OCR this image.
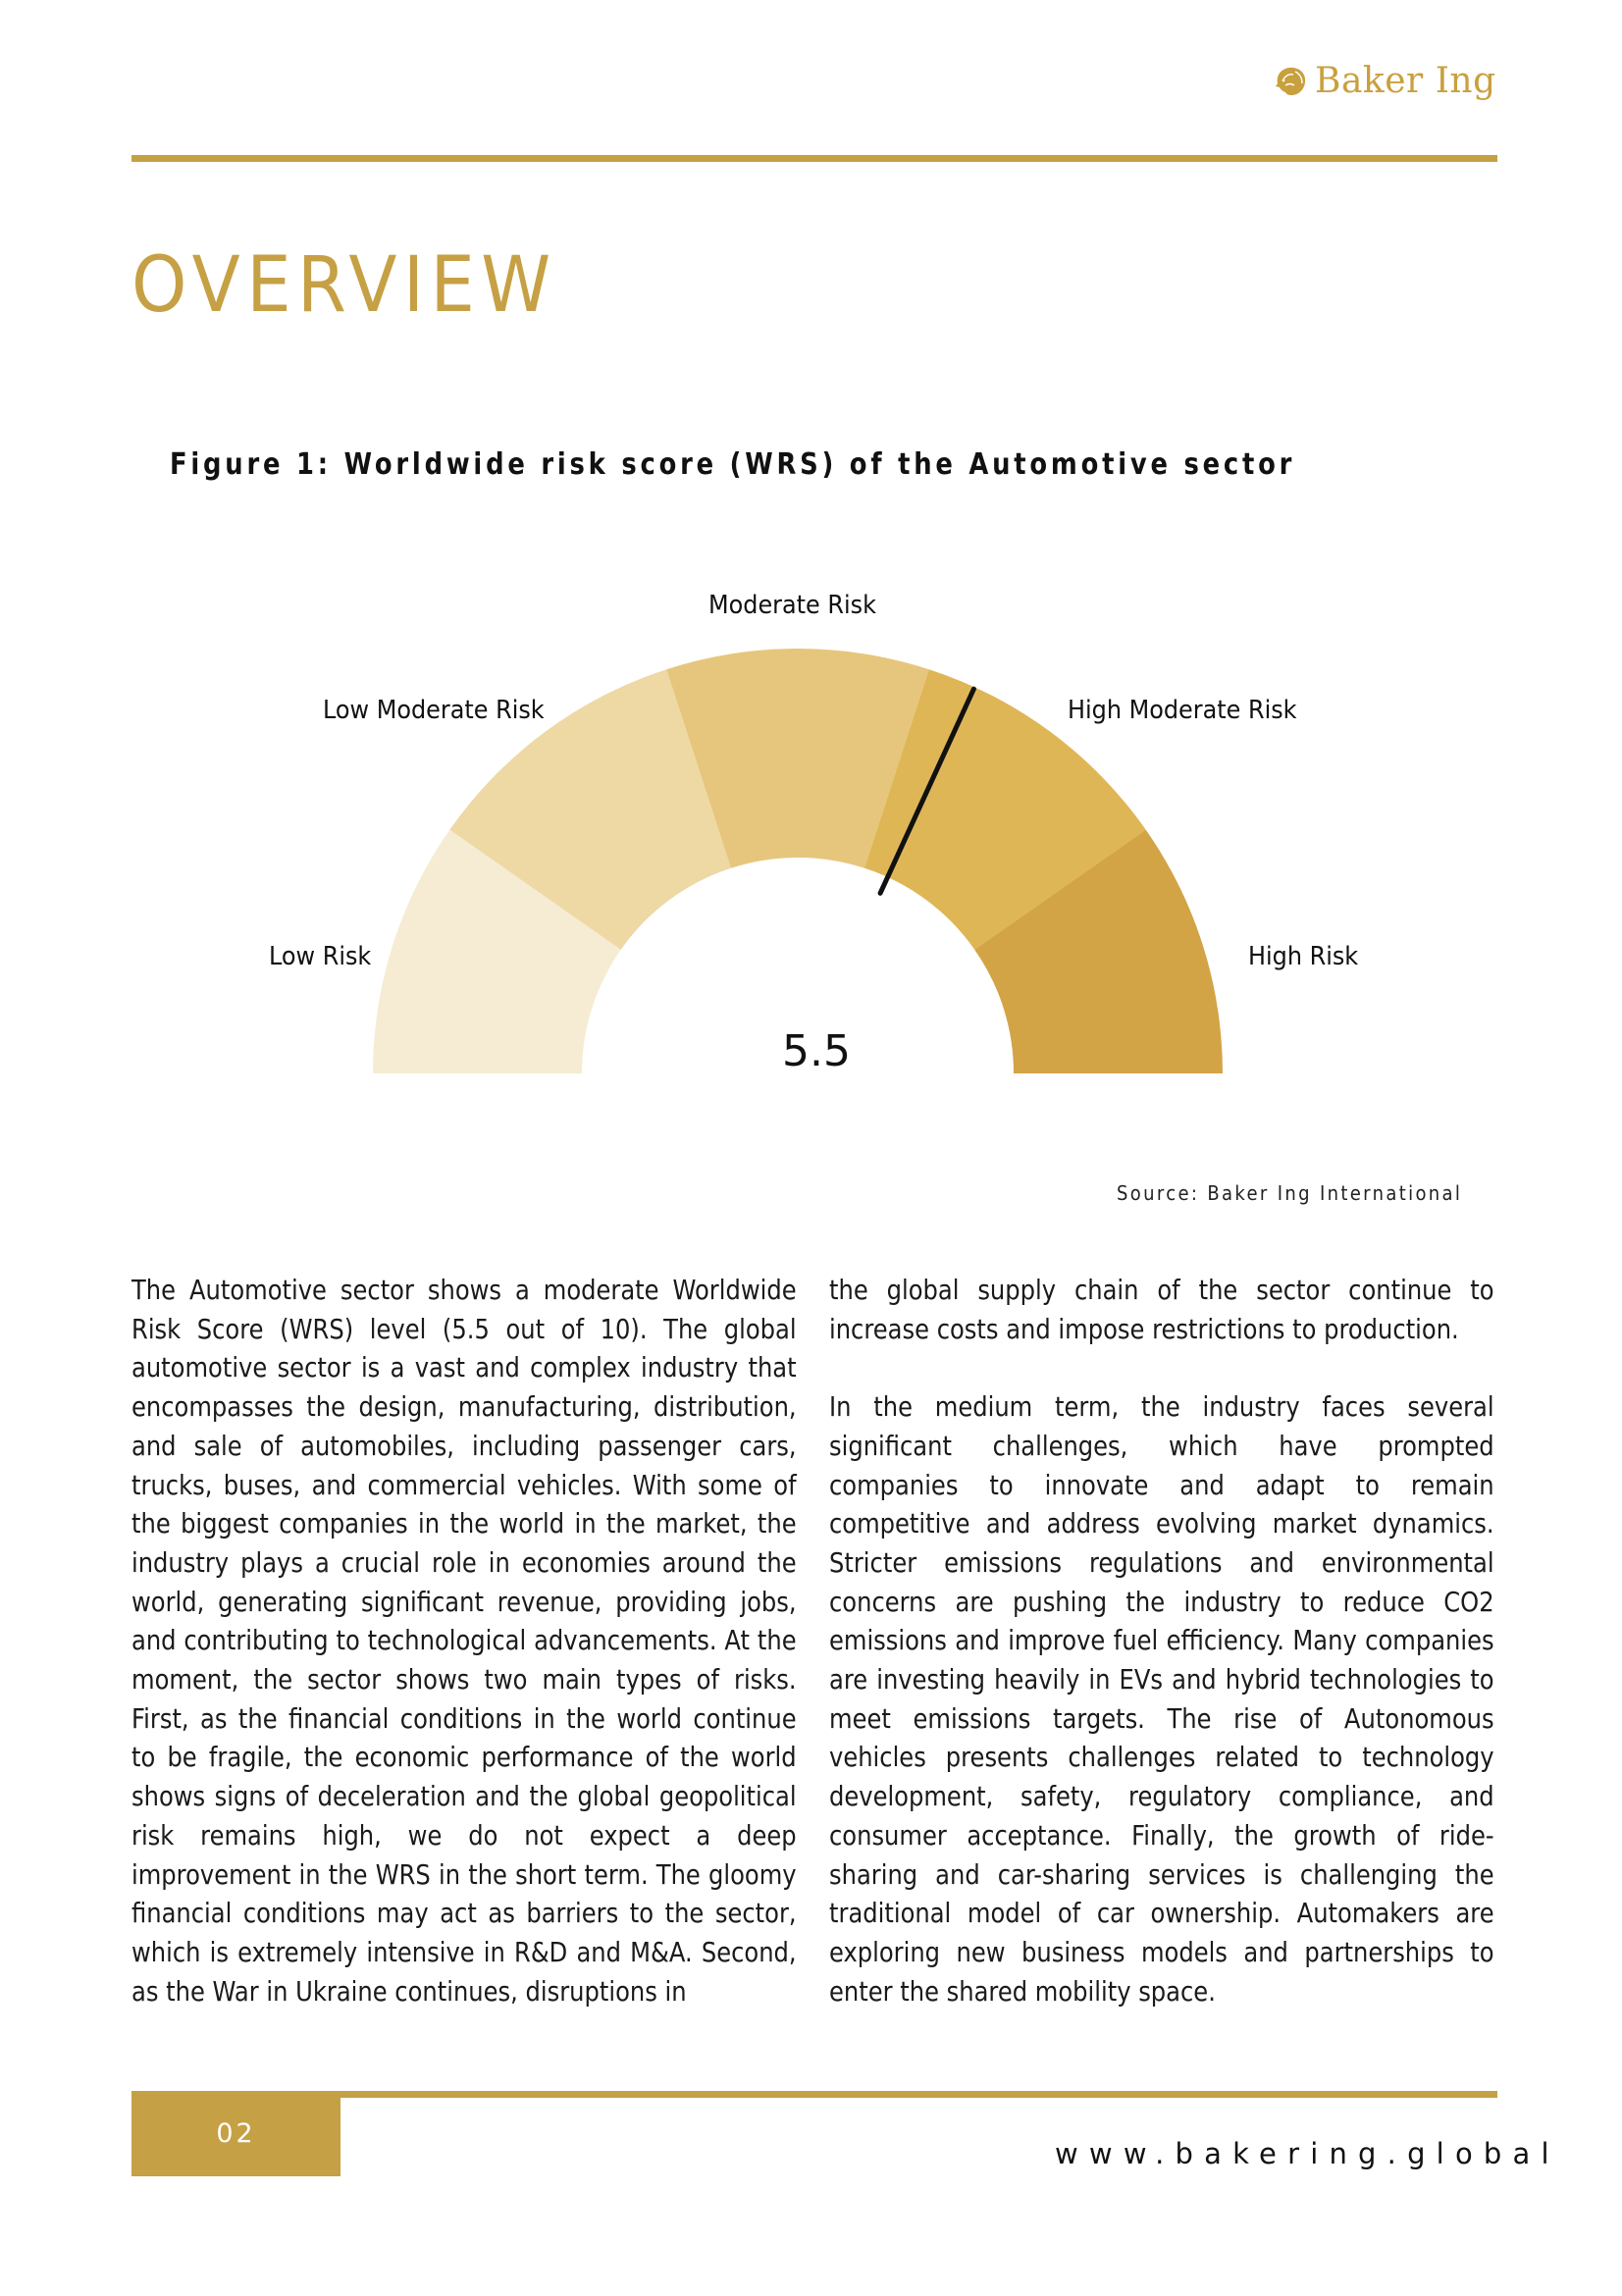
Baker Ing
OVERVIEW
Figure 1: Worldwide risk score (WRS) of the Automotive sector
Moderate Risk
Low Moderate Risk	High Moderate Risk
Low Risk	High Risk
5.5
Source: Baker Ing International

The Automotive sector shows a moderate Worldwide Risk Score (WRS) level (5.5 out of 10). The global automotive sector is a vast and complex industry that encompasses the design, manufacturing, distribution, and sale of automobiles, including passenger cars, trucks, buses, and commercial vehicles. With some of the biggest companies in the world in the market, the industry plays a crucial role in economies around the world, generating significant revenue, providing jobs, and contributing to technological advancements. At the moment, the sector shows two main types of risks. First, as the financial conditions in the world continue to be fragile, the economic performance of the world shows signs of deceleration and the global geopolitical risk remains high, we do not expect a deep improvement in the WRS in the short term. The gloomy financial conditions may act as barriers to the sector, which is extremely intensive in R&D and M&A. Second, as the War in Ukraine continues, disruptions in

the global supply chain of the sector continue to increase costs and impose restrictions to production.

In the medium term, the industry faces several significant challenges, which have prompted companies to innovate and adapt to remain competitive and address evolving market dynamics. Stricter emissions regulations and environmental concerns are pushing the industry to reduce CO2 emissions and improve fuel efficiency. Many companies are investing heavily in EVs and hybrid technologies to meet emissions targets. The rise of Autonomous vehicles presents challenges related to technology development, safety, regulatory compliance, and consumer acceptance. Finally, the growth of ride-sharing and car-sharing services is challenging the traditional model of car ownership. Automakers are exploring new business models and partnerships to enter the shared mobility space.

02
www.bakering.global
